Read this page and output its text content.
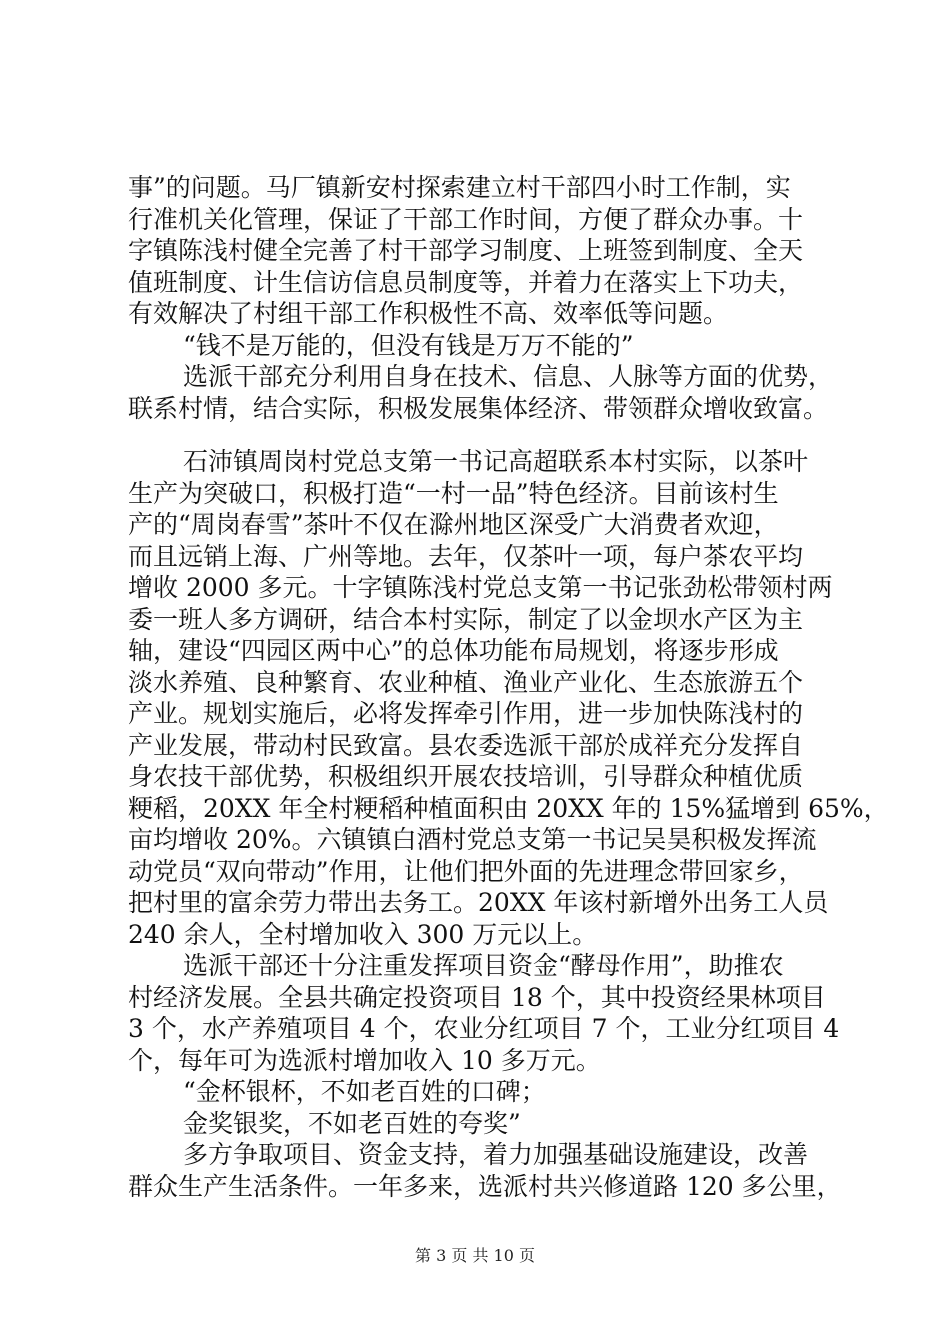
事”的问题。马厂镇新安村探索建立村干部四小时工作制，实
行准机关化管理，保证了干部工作时间，方便了群众办事。十
字镇陈浅村健全完善了村干部学习制度、上班签到制度、全天
值班制度、计生信访信息员制度等，并着力在落实上下功夫，
有效解决了村组干部工作积极性不高、效率低等问题。
“钱不是万能的，但没有钱是万万不能的”
选派干部充分利用自身在技术、信息、人脉等方面的优势，
联系村情，结合实际，积极发展集体经济、带领群众增收致富。
石沛镇周岗村党总支第一书记高超联系本村实际，以茶叶
生产为突破口，积极打造“一村一品”特色经济。目前该村生
产的“周岗春雪”茶叶不仅在滁州地区深受广大消费者欢迎，
而且远销上海、广州等地。去年，仅茶叶一项，每户茶农平均
增收 2000 多元。十字镇陈浅村党总支第一书记张劲松带领村两
委一班人多方调研，结合本村实际，制定了以金坝水产区为主
轴，建设“四园区两中心”的总体功能布局规划，将逐步形成
淡水养殖、良种繁育、农业种植、渔业产业化、生态旅游五个
产业。规划实施后，必将发挥牵引作用，进一步加快陈浅村的
产业发展，带动村民致富。县农委选派干部於成祥充分发挥自
身农技干部优势，积极组织开展农技培训，引导群众种植优质
粳稻，20XX 年全村粳稻种植面积由 20XX 年的 15%猛增到 65%，
亩均增收 20%。六镇镇白酒村党总支第一书记吴昊积极发挥流
动党员“双向带动”作用，让他们把外面的先进理念带回家乡，
把村里的富余劳力带出去务工。20XX 年该村新增外出务工人员
240 余人，全村增加收入 300 万元以上。
选派干部还十分注重发挥项目资金“酵母作用”，助推农
村经济发展。全县共确定投资项目 18 个，其中投资经果林项目
3 个，水产养殖项目 4 个，农业分红项目 7 个，工业分红项目 4
个，每年可为选派村增加收入 10 多万元。
“金杯银杯，不如老百姓的口碑；
金奖银奖，不如老百姓的夸奖”
多方争取项目、资金支持，着力加强基础设施建设，改善
群众生产生活条件。一年多来，选派村共兴修道路 120 多公里，
第 3 页 共 10 页
